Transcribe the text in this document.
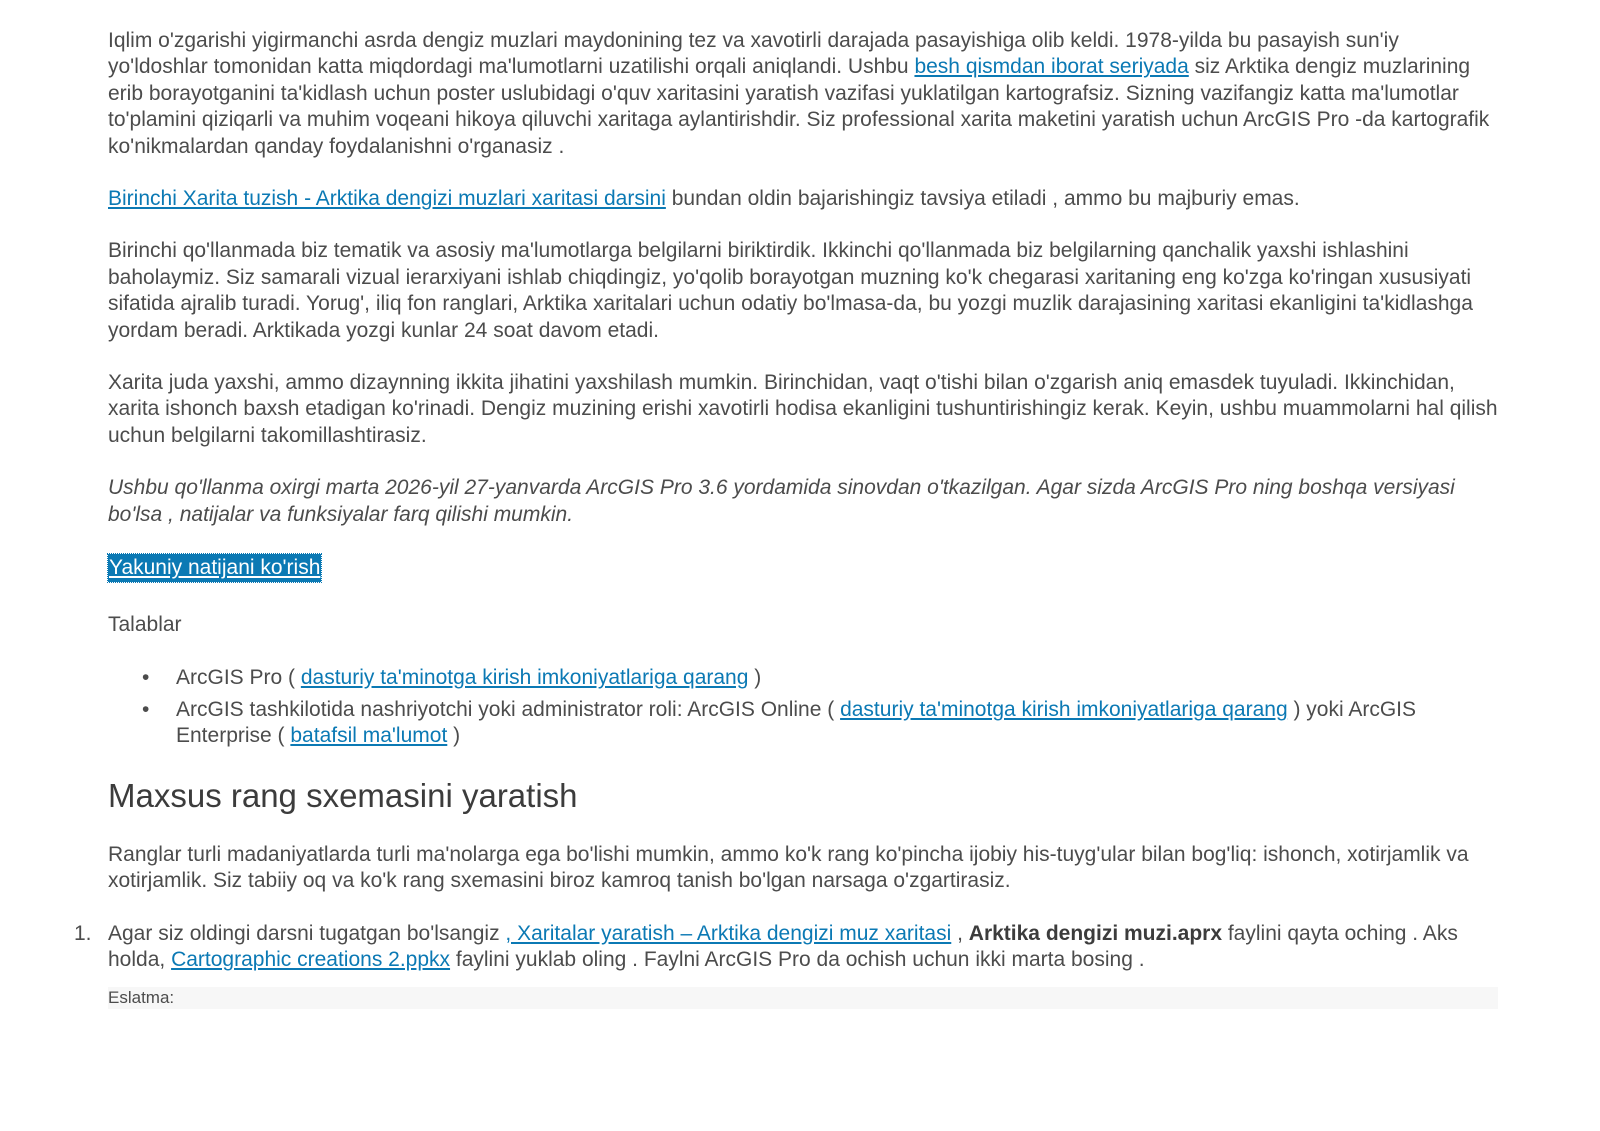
Iqlim o'zgarishi yigirmanchi asrda dengiz muzlari maydonining tez va xavotirli darajada pasayishiga olib keldi. 1978-yilda bu pasayish sun'iy yo'ldoshlar tomonidan katta miqdordagi ma'lumotlarni uzatilishi orqali aniqlandi. Ushbu besh qismdan iborat seriyada siz Arktika dengiz muzlarining erib borayotganini ta'kidlash uchun poster uslubidagi o'quv xaritasini yaratish vazifasi yuklatilgan kartografsiz. Sizning vazifangiz katta ma'lumotlar to'plamini qiziqarli va muhim voqeani hikoya qiluvchi xaritaga aylantirishdir. Siz professional xarita maketini yaratish uchun ArcGIS Pro -da kartografik ko'nikmalardan qanday foydalanishni o'rganasiz .

Birinchi Xarita tuzish - Arktika dengizi muzlari xaritasi darsini bundan oldin bajarishingiz tavsiya etiladi , ammo bu majburiy emas.

Birinchi qo'llanmada biz tematik va asosiy ma'lumotlarga belgilarni biriktirdik. Ikkinchi qo'llanmada biz belgilarning qanchalik yaxshi ishlashini baholaymiz. Siz samarali vizual ierarxiyani ishlab chiqdingiz, yo'qolib borayotgan muzning ko'k chegarasi xaritaning eng ko'zga ko'ringan xususiyati sifatida ajralib turadi. Yorug', iliq fon ranglari, Arktika xaritalari uchun odatiy bo'lmasa-da, bu yozgi muzlik darajasining xaritasi ekanligini ta'kidlashga yordam beradi. Arktikada yozgi kunlar 24 soat davom etadi.

Xarita juda yaxshi, ammo dizaynning ikkita jihatini yaxshilash mumkin. Birinchidan, vaqt o'tishi bilan o'zgarish aniq emasdek tuyuladi. Ikkinchidan, xarita ishonch baxsh etadigan ko'rinadi. Dengiz muzining erishi xavotirli hodisa ekanligini tushuntirishingiz kerak. Keyin, ushbu muammolarni hal qilish uchun belgilarni takomillashtirasiz.

Ushbu qo'llanma oxirgi marta 2026-yil 27-yanvarda ArcGIS Pro 3.6 yordamida sinovdan o'tkazilgan. Agar sizda ArcGIS Pro ning boshqa versiyasi bo'lsa , natijalar va funksiyalar farq qilishi mumkin.

Yakuniy natijani ko'rish

Talablar

• ArcGIS Pro ( dasturiy ta'minotga kirish imkoniyatlariga qarang )
• ArcGIS tashkilotida nashriyotchi yoki administrator roli: ArcGIS Online ( dasturiy ta'minotga kirish imkoniyatlariga qarang ) yoki ArcGIS Enterprise ( batafsil ma'lumot )
Maxsus rang sxemasini yaratish

Ranglar turli madaniyatlarda turli ma'nolarga ega bo'lishi mumkin, ammo ko'k rang ko'pincha ijobiy his-tuyg'ular bilan bog'liq: ishonch, xotirjamlik va xotirjamlik. Siz tabiiy oq va ko'k rang sxemasini biroz kamroq tanish bo'lgan narsaga o'zgartirasiz.

1. Agar siz oldingi darsni tugatgan bo'lsangiz , Xaritalar yaratish – Arktika dengizi muz xaritasi , Arktika dengizi muzi.aprx faylini qayta oching . Aks holda, Cartographic creations 2.ppkx faylini yuklab oling . Faylni ArcGIS Pro da ochish uchun ikki marta bosing .
Eslatma:
